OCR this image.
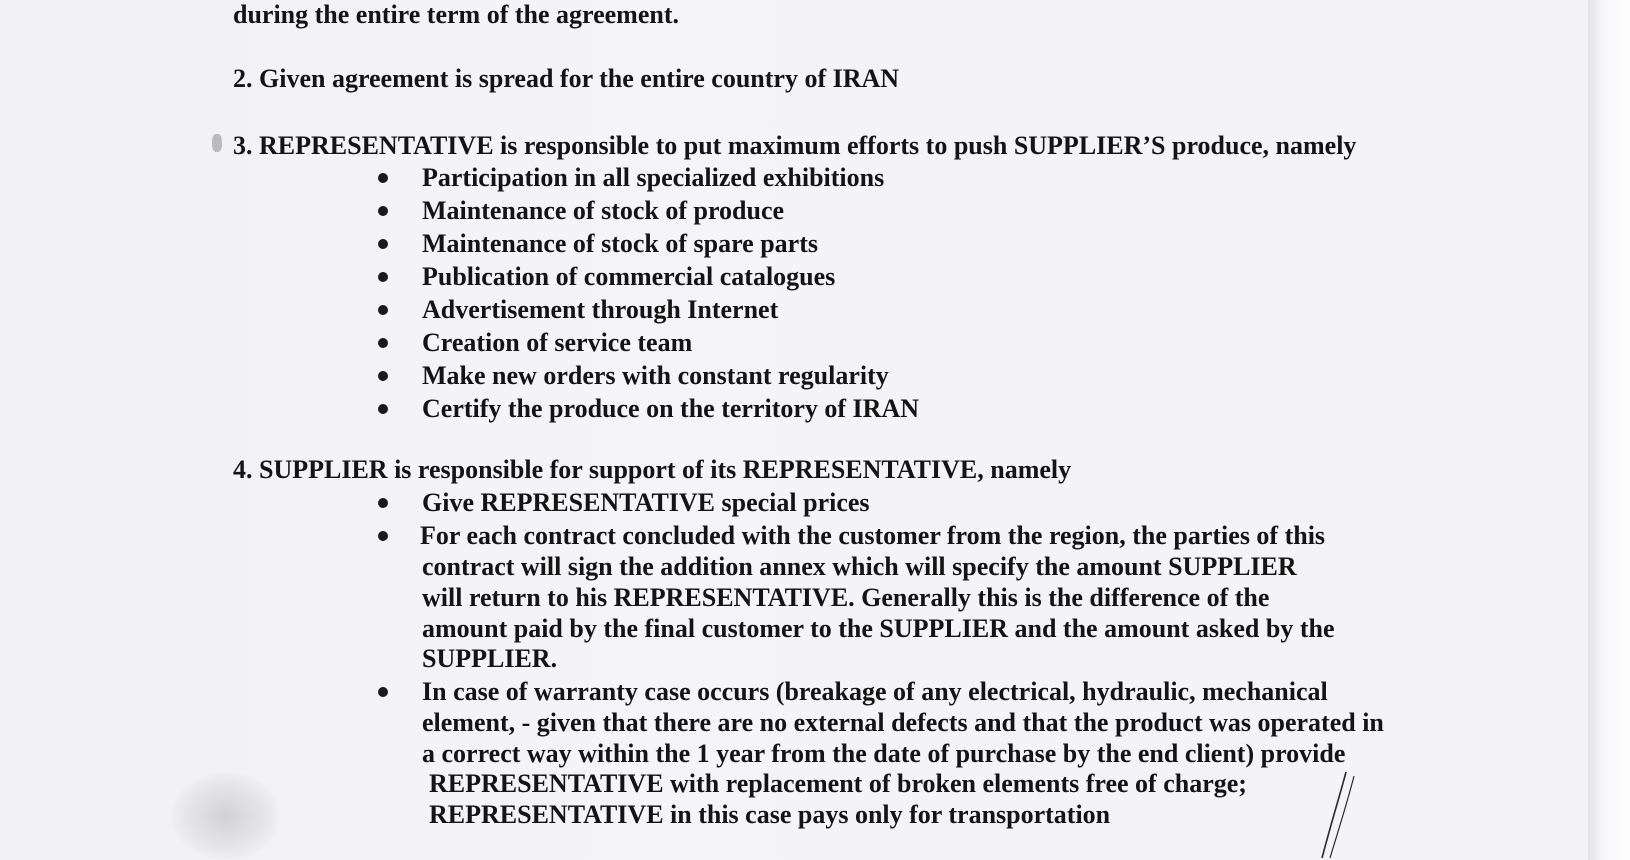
during the entire term of the agreement.
2. Given agreement is spread for the entire country of IRAN
3. REPRESENTATIVE is responsible to put maximum efforts to push SUPPLIER’S produce, namely
Participation in all specialized exhibitions
Maintenance of stock of produce
Maintenance of stock of spare parts
Publication of commercial catalogues
Advertisement through Internet
Creation of service team
Make new orders with constant regularity
Certify the produce on the territory of IRAN
4. SUPPLIER is responsible for support of its REPRESENTATIVE, namely
Give REPRESENTATIVE special prices
For each contract concluded with the customer from the region, the parties of this
contract will sign the addition annex which will specify the amount SUPPLIER
will return to his REPRESENTATIVE. Generally this is the difference of the
amount paid by the final customer to the SUPPLIER and the amount asked by the
SUPPLIER.
In case of warranty case occurs (breakage of any electrical, hydraulic, mechanical
element, - given that there are no external defects and that the product was operated in
a correct way within the 1 year from the date of purchase by the end client) provide
REPRESENTATIVE with replacement of broken elements free of charge;
REPRESENTATIVE in this case pays only for transportation
